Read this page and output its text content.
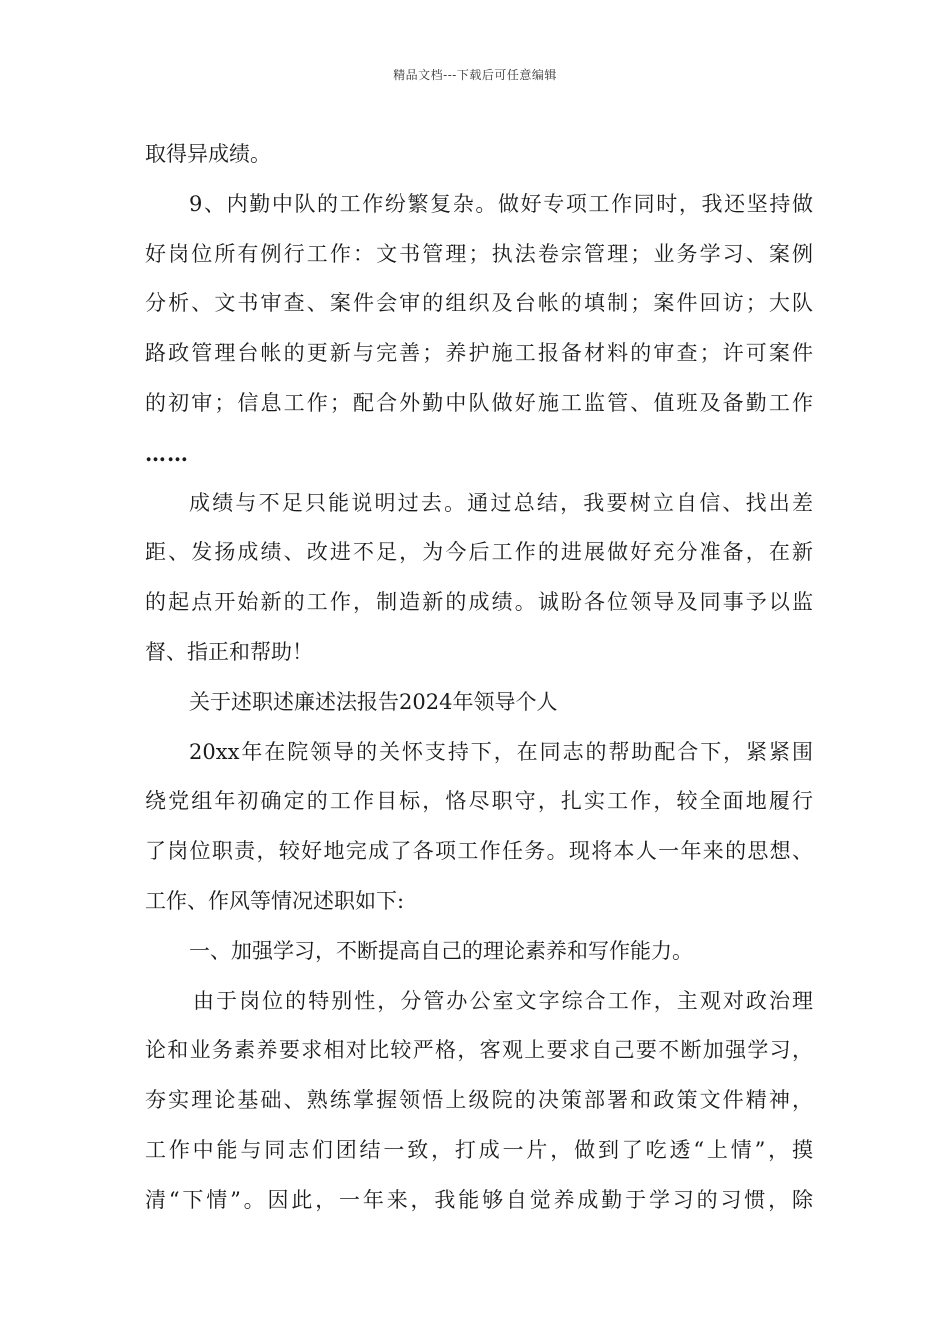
精品文档---下载后可任意编辑
取得异成绩。
9、内勤中队的工作纷繁复杂。做好专项工作同时，我还坚持做
好岗位所有例行工作：文书管理；执法卷宗管理；业务学习、案例
分析、文书审查、案件会审的组织及台帐的填制；案件回访；大队
路政管理台帐的更新与完善；养护施工报备材料的审查；许可案件
的初审；信息工作；配合外勤中队做好施工监管、值班及备勤工作
……
成绩与不足只能说明过去。通过总结，我要树立自信、找出差
距、发扬成绩、改进不足，为今后工作的进展做好充分准备，在新
的起点开始新的工作，制造新的成绩。诚盼各位领导及同事予以监
督、指正和帮助！
关于述职述廉述法报告2024年领导个人
20xx年在院领导的关怀支持下，在同志的帮助配合下，紧紧围
绕党组年初确定的工作目标，恪尽职守，扎实工作，较全面地履行
了岗位职责，较好地完成了各项工作任务。现将本人一年来的思想、
工作、作风等情况述职如下:
一、加强学习，不断提高自己的理论素养和写作能力。
由于岗位的特别性，分管办公室文字综合工作，主观对政治理
论和业务素养要求相对比较严格，客观上要求自己要不断加强学习，
夯实理论基础、熟练掌握领悟上级院的决策部署和政策文件精神，
工作中能与同志们团结一致，打成一片，做到了吃透“上情”，摸
清“下情”。因此，一年来，我能够自觉养成勤于学习的习惯，除
